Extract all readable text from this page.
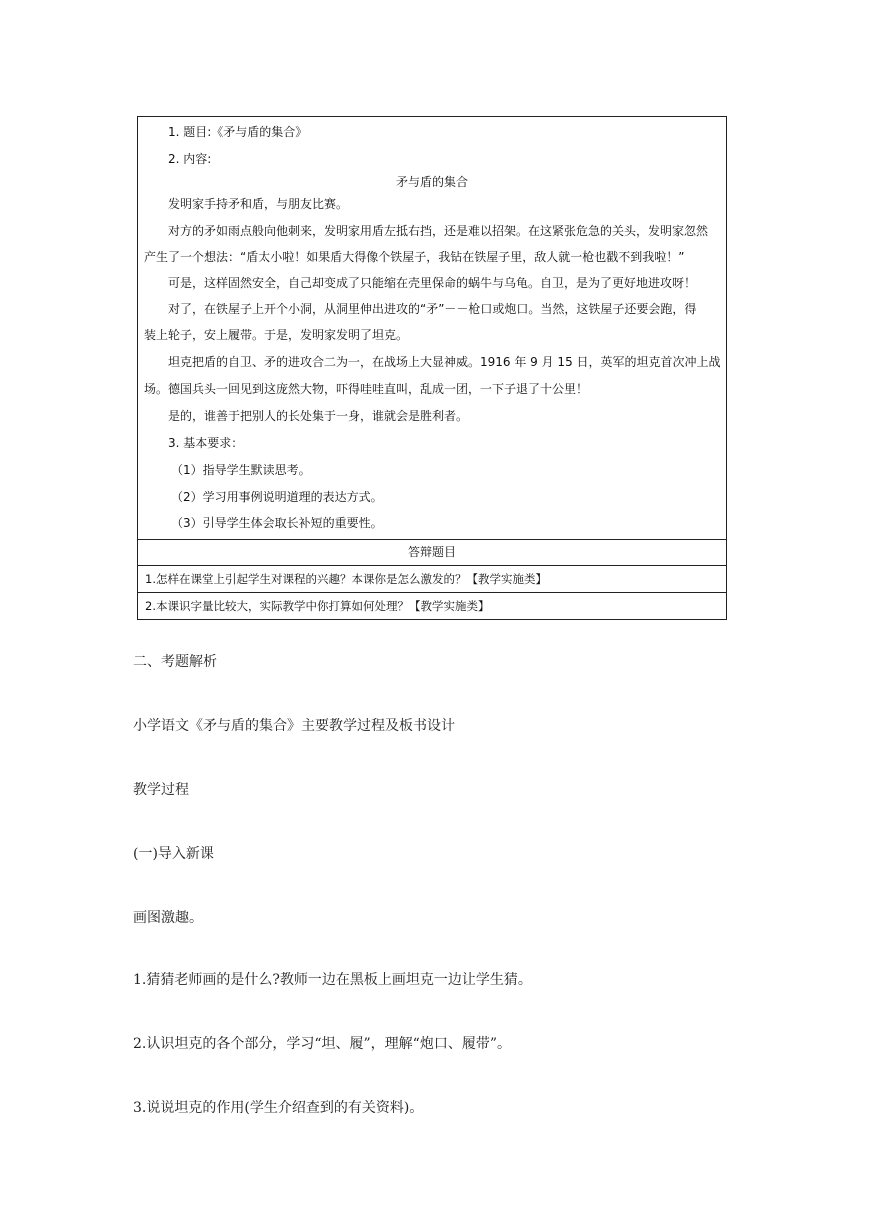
1. 题目:《矛与盾的集合》
2. 内容:
矛与盾的集合
发明家手持矛和盾，与朋友比赛。
对方的矛如雨点般向他刺来，发明家用盾左抵右挡，还是难以招架。在这紧张危急的关头，发明家忽然
产生了一个想法：“盾太小啦！如果盾大得像个铁屋子，我钻在铁屋子里，敌人就一枪也戳不到我啦！”
可是，这样固然安全，自己却变成了只能缩在壳里保命的蜗牛与乌龟。自卫，是为了更好地进攻呀！
对了，在铁屋子上开个小洞，从洞里伸出进攻的“矛”－－枪口或炮口。当然，这铁屋子还要会跑，得
装上轮子，安上履带。于是，发明家发明了坦克。
坦克把盾的自卫、矛的进攻合二为一，在战场上大显神威。1916 年 9 月 15 日，英军的坦克首次冲上战
场。德国兵头一回见到这庞然大物，吓得哇哇直叫，乱成一团，一下子退了十公里！
是的，谁善于把别人的长处集于一身，谁就会是胜利者。
3. 基本要求：
（1）指导学生默读思考。
（2）学习用事例说明道理的表达方式。
（3）引导学生体会取长补短的重要性。
答辩题目
1.怎样在课堂上引起学生对课程的兴趣？本课你是怎么激发的？【教学实施类】
2.本课识字量比较大，实际教学中你打算如何处理？【教学实施类】
二、考题解析
小学语文《矛与盾的集合》主要教学过程及板书设计
教学过程
(一)导入新课
画图激趣。
1.猜猜老师画的是什么?教师一边在黑板上画坦克一边让学生猜。
2.认识坦克的各个部分，学习“坦、履”，理解“炮口、履带”。
3.说说坦克的作用(学生介绍查到的有关资料)。
